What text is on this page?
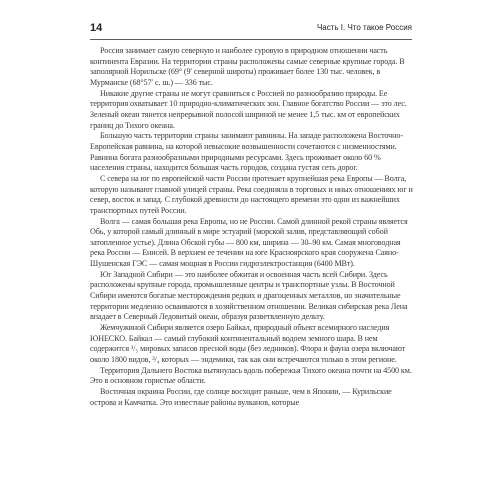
14	Часть I. Что такое Россия

Россия занимает самую северную и наиболее суровую в природном отношении часть континента Евразии. На территории страны расположены самые северные крупные города. В заполярной Норильске (69° (9′ северной широты) проживает более 130 тыс. человек, в Мурманске (68°57′ с. ш.) — 336 тыс.

Никакие другие страны не могут сравниться с Россией по разнообразию природы. Ее территория охватывает 10 природно-климатических зон. Главное богатство России — это лес. Зеленый океан тянется непрерывной полосой шириной не менее 1,5 тыс. км от европейских границ до Тихого океана.

Большую часть территории страны занимают равнины. На западе расположена Восточно-Европейская равнина, на которой невысокие возвышенности сочетаются с низменностями. Равнина богата разнообразными природными ресурсами. Здесь проживает около 60 % населения страны, находится большая часть городов, создана густая сеть дорог.

С севера на юг по европейской части России протекает крупнейшая река Европы — Волга, которую называют главной улицей страны. Река соединяла в торговых и иных отношениях юг и север, восток и запад. С глубокой древности до настоящего времени это одни из важнейших транспортных путей России.

Волга — самая большая река Европы, но не России. Самой длинной рекой страны является Обь, у которой самый длинный в мире эстуарий (морской залив, представляющий собой затопленное устье). Длина Обской губы — 800 км, ширина — 30–90 км. Самая многоводная река России — Енисей. В верхнем ее течении на юге Красноярского края сооружена Саяно-Шушенская ГЭС — самая мощная в России гидроэлектростанция (6400 МВт).

Юг Западной Сибири — это наиболее обжитая и освоенная часть всей Сибири. Здесь расположены крупные города, промышленные центры и транспортные узлы. В Восточной Сибири имеются богатые месторождения редких и драгоценных металлов, но значительные территории медленно осваиваются в хозяйственном отношении. Великая сибирская река Лена впадает в Северный Ледовитый океан, образуя разветвленную дельту.

Жемчужиной Сибири является озеро Байкал, природный объект всемирного наследия ЮНЕСКО. Байкал — самый глубокий континентальный водоем земного шара. В нем содержится ¹/₅ мировых запасов пресной воды (без ледников). Флора и фауна озера включают около 1800 видов, ³/₄ которых — эндемики, так как они встречаются только в этом регионе.

Территория Дальнего Востока вытянулась вдоль побережья Тихого океана почти на 4500 км. Это в основном гористые области.

Восточная окраина России, где солнце восходит раньше, чем в Японии, — Курильские острова и Камчатка. Это известные районы вулканов, которые
